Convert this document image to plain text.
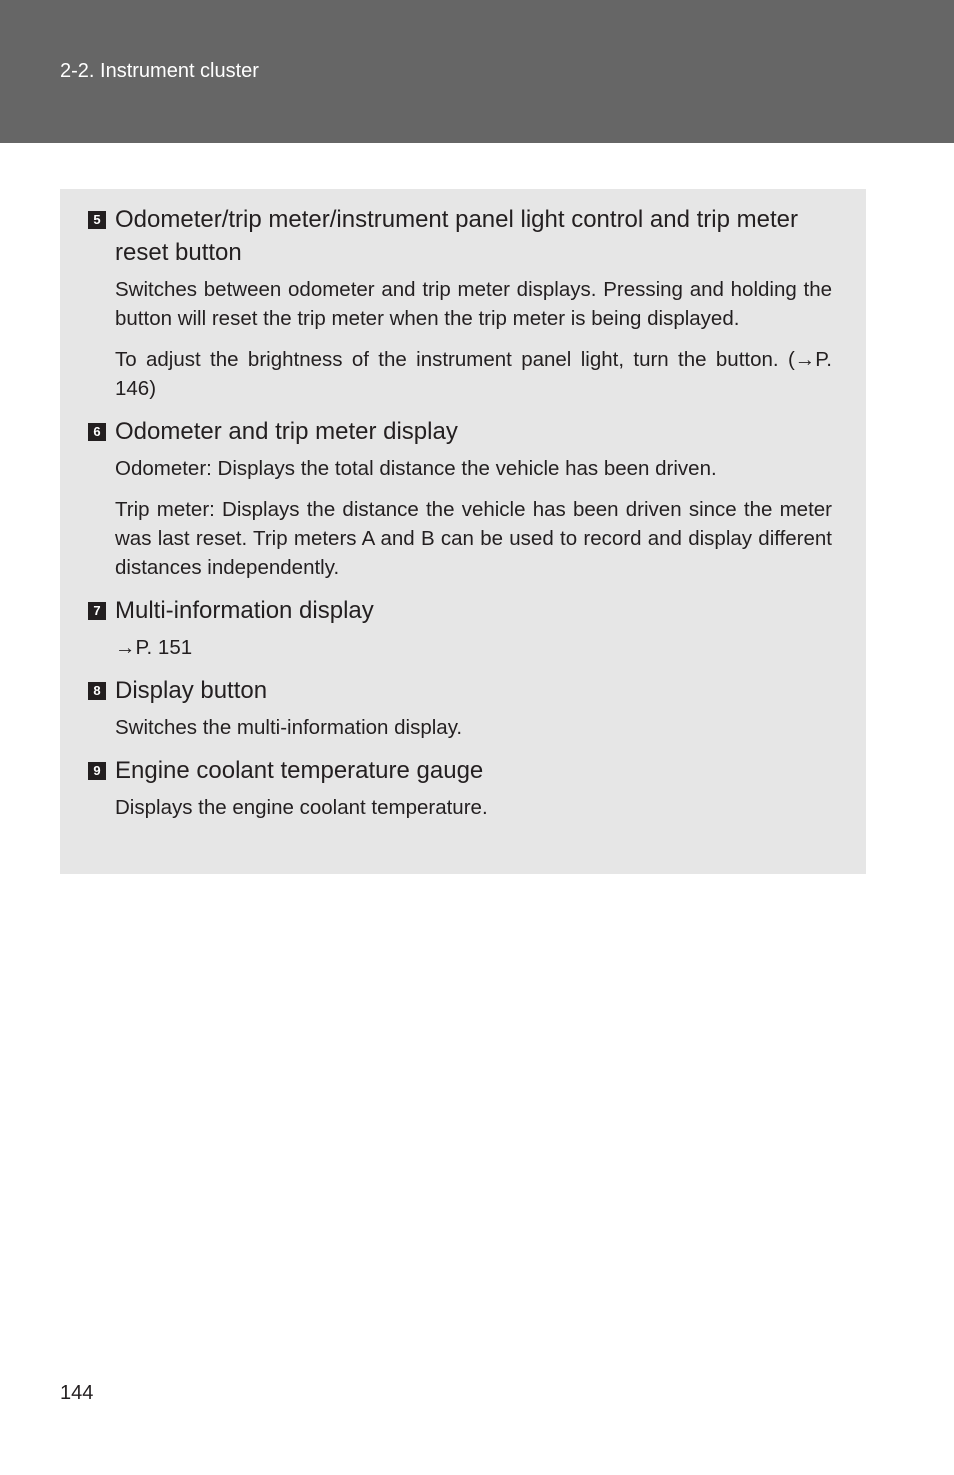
2-2. Instrument cluster
5 Odometer/trip meter/instrument panel light control and trip meter reset button

Switches between odometer and trip meter displays. Pressing and holding the button will reset the trip meter when the trip meter is being displayed.

To adjust the brightness of the instrument panel light, turn the button. (→P. 146)

6 Odometer and trip meter display

Odometer: Displays the total distance the vehicle has been driven.

Trip meter: Displays the distance the vehicle has been driven since the meter was last reset. Trip meters A and B can be used to record and display different distances independently.

7 Multi-information display

→P. 151

8 Display button

Switches the multi-information display.

9 Engine coolant temperature gauge

Displays the engine coolant temperature.

144
